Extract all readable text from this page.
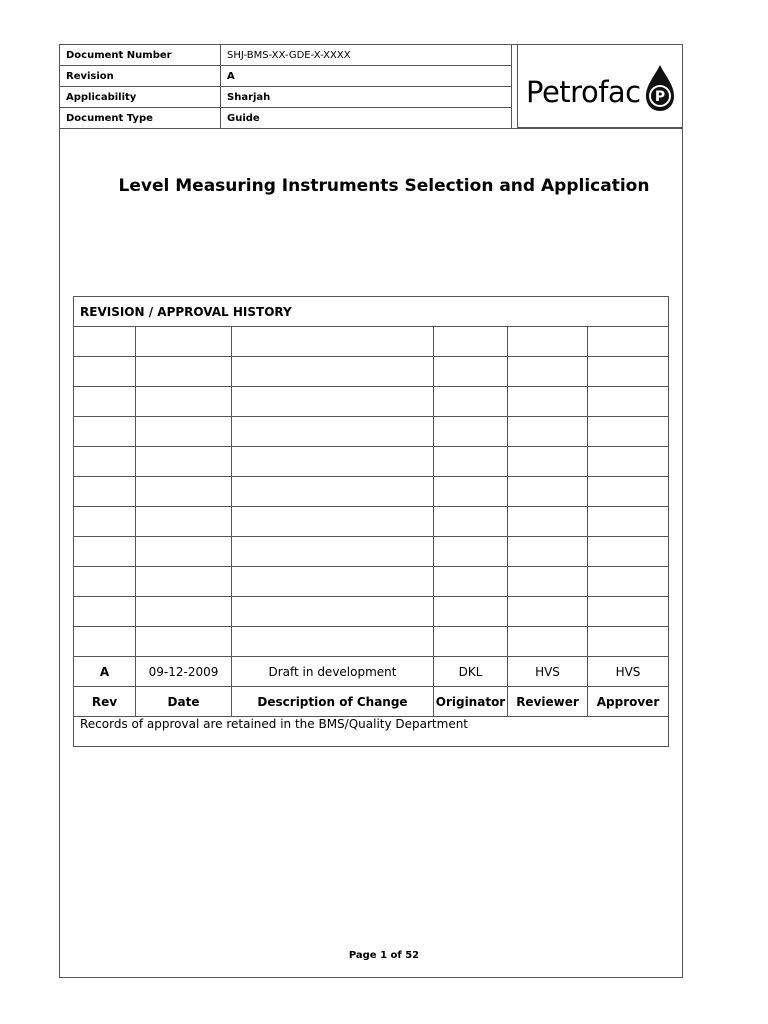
Document Number	SHJ-BMS-XX-GDE-X-XXXX
Revision	A
Applicability	Sharjah
Document Type	Guide
Petrofac P
Level Measuring Instruments Selection and Application
REVISION / APPROVAL HISTORY					

A	09-12-2009	Draft in development	DKL	HVS	HVS
Rev	Date	Description of Change	Originator	Reviewer	Approver
Records of approval are retained in the BMS/Quality Department					
Page 1 of 52
